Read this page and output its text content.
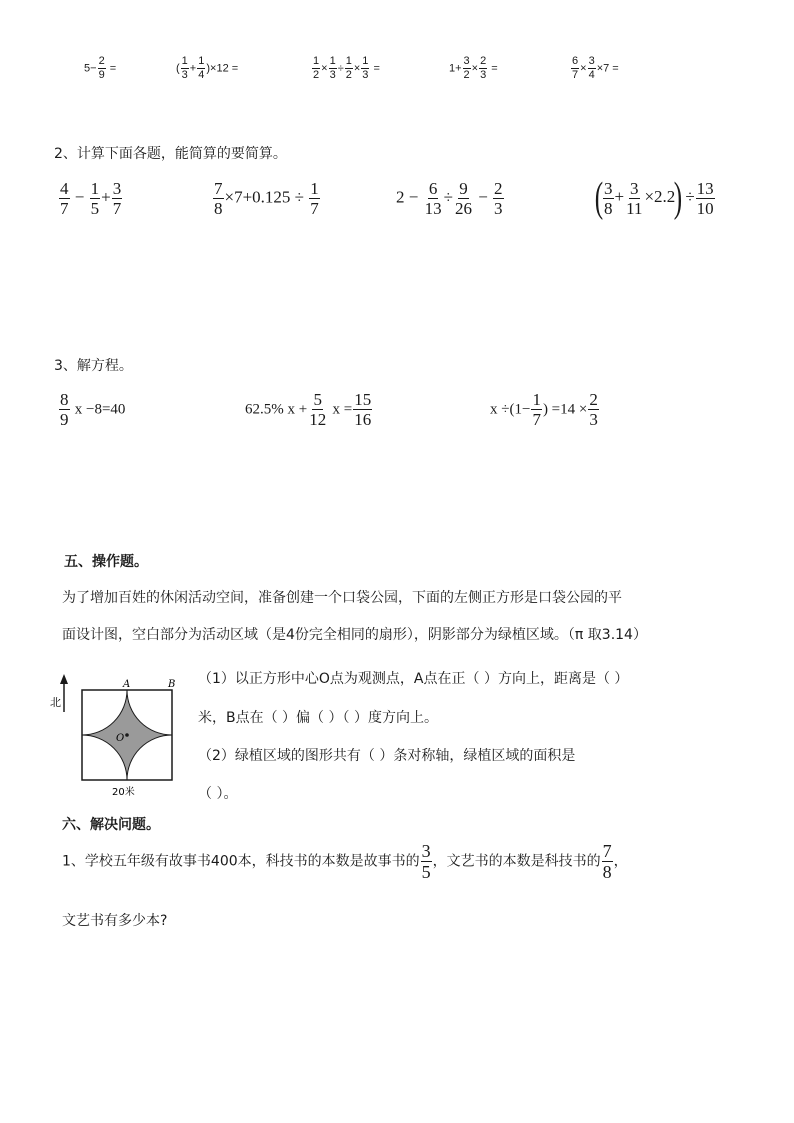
$5- \frac{2}{9}$ =	( $\frac{1}{3} + \frac{1}{4} )\times 12$ =	$\frac{1}{2} \times \frac{1}{3} \div \frac{1}{2} \times \frac{1}{3}$ =	$1+ \frac{3}{2} \times \frac{2}{3}$ =	$\frac{6}{7} \times \frac{3}{4} \times 7$ =
2、计算下面各题，能简算的要简算。
$\frac{4}{7} - \frac{1}{5} + \frac{3}{7}$	$\frac{7}{8} \times 7+0.125 \div \frac{1}{7}$	$2 - \frac{6}{13} \div \frac{9}{26} - \frac{2}{3}$ ( $\frac{3}{8} + \frac{3}{11} \times 2.2) \div \frac{13}{10}$
3、解方程。
$\frac{8}{9}$ x −8=40	62.5% $x + \frac{5}{12}$ $x = \frac{15}{16}$	$x \div(1- \frac{1}{7}$ ) $=14 \times \frac{2}{3}$
五、操作题。
为了增加百姓的休闲活动空间，准备创建一个口袋公园，下面的左侧正方形是口袋公园的平
面设计图，空白部分为活动区域（是4份完全相同的扇形），阴影部分为绿植区域。（π 取3.14）
北
O
A	B
20米
（1）以正方形中心O点为观测点，A点在正（ ）方向上，距离是（ ）
米，B点在（ ）偏（ ）（ ）度方向上。
（2）绿植区域的图形共有（ ）条对称轴，绿植区域的面积是
（ ）。
六、解决问题。
1、学校五年级有故事书400本，科技书的本数是故事书的 $\frac{3}{5}$ ，文艺书的本数是科技书的 $\frac{7}{8}$ ，
文艺书有多少本?
